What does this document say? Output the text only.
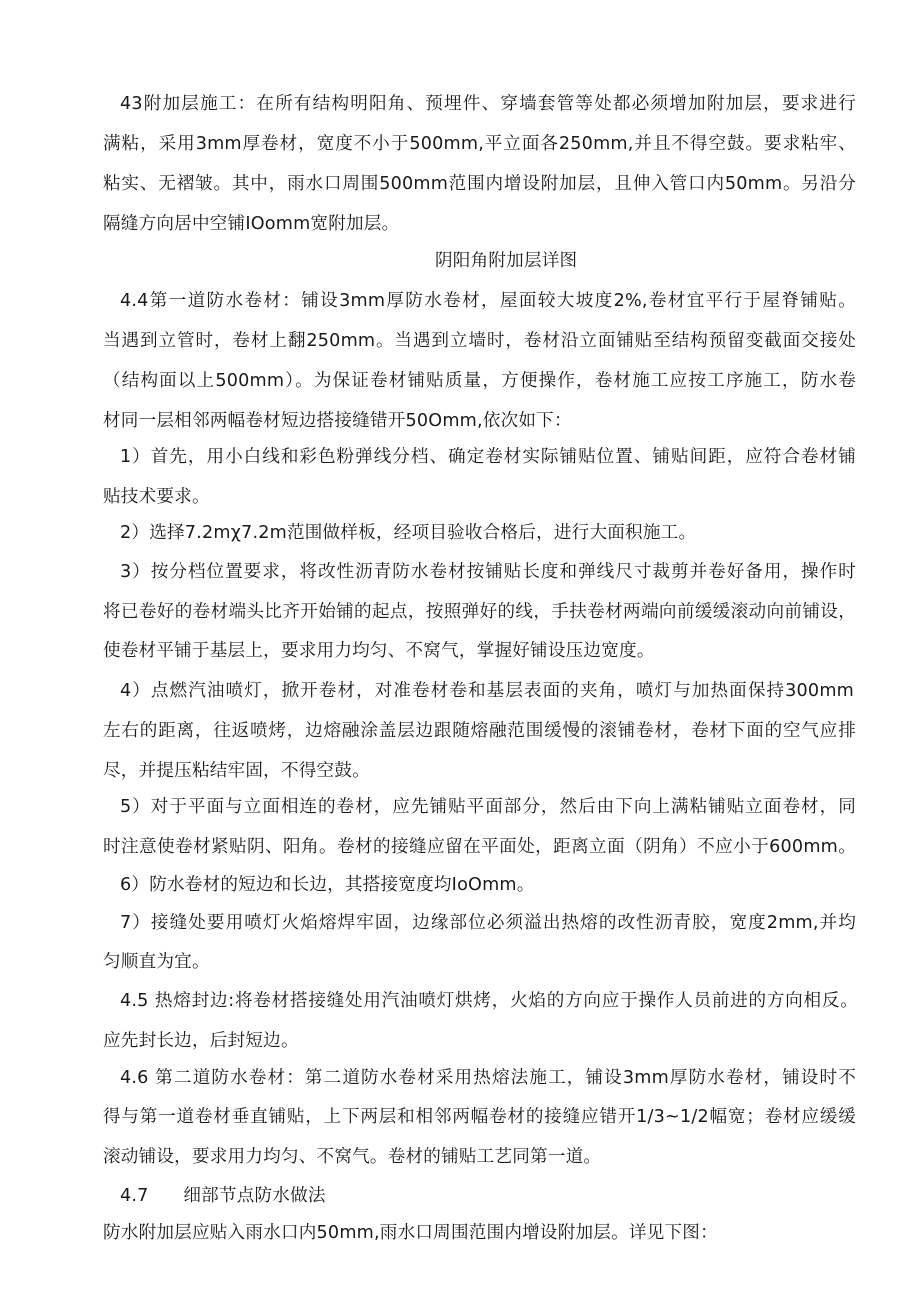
43附加层施工：在所有结构明阳角、预埋件、穿墙套管等处都必须增加附加层，要求进行
满粘，采用3mm厚卷材，宽度不小于500mm,平立面各250mm,并且不得空鼓。要求粘牢、
粘实、无褶皱。其中，雨水口周围500mm范围内增设附加层，且伸入管口内50mm。另沿分
隔缝方向居中空铺IOomm宽附加层。
阴阳角附加层详图
4.4第一道防水卷材：铺设3mm厚防水卷材，屋面较大坡度2%,卷材宜平行于屋脊铺贴。
当遇到立管时，卷材上翻250mm。当遇到立墙时，卷材沿立面铺贴至结构预留变截面交接处
（结构面以上500mm）。为保证卷材铺贴质量，方便操作，卷材施工应按工序施工，防水卷
材同一层相邻两幅卷材短边搭接缝错开50Omm,依次如下：
1）首先，用小白线和彩色粉弹线分档、确定卷材实际铺贴位置、铺贴间距，应符合卷材铺
贴技术要求。
2）选择7.2mχ7.2m范围做样板，经项目验收合格后，进行大面积施工。
3）按分档位置要求，将改性沥青防水卷材按铺贴长度和弹线尺寸裁剪并卷好备用，操作时
将已卷好的卷材端头比齐开始铺的起点，按照弹好的线，手扶卷材两端向前缓缓滚动向前铺设，
使卷材平铺于基层上，要求用力均匀、不窝气，掌握好铺设压边宽度。
4）点燃汽油喷灯，掀开卷材，对准卷材卷和基层表面的夹角，喷灯与加热面保持300mm
左右的距离，往返喷烤，边熔融涂盖层边跟随熔融范围缓慢的滚铺卷材，卷材下面的空气应排
尽，并提压粘结牢固，不得空鼓。
5）对于平面与立面相连的卷材，应先铺贴平面部分，然后由下向上满粘铺贴立面卷材，同
时注意使卷材紧贴阴、阳角。卷材的接缝应留在平面处，距离立面（阴角）不应小于600mm。
6）防水卷材的短边和长边，其搭接宽度均IoOmm。
7）接缝处要用喷灯火焰熔焊牢固，边缘部位必须溢出热熔的改性沥青胶，宽度2mm,并均
匀顺直为宜。
4.5 热熔封边:将卷材搭接缝处用汽油喷灯烘烤，火焰的方向应于操作人员前进的方向相反。
应先封长边，后封短边。
4.6 第二道防水卷材：第二道防水卷材采用热熔法施工，铺设3mm厚防水卷材，铺设时不
得与第一道卷材垂直铺贴，上下两层和相邻两幅卷材的接缝应错开1/3~1/2幅宽；卷材应缓缓
滚动铺设，要求用力均匀、不窝气。卷材的铺贴工艺同第一道。
4.7      细部节点防水做法
防水附加层应贴入雨水口内50mm,雨水口周围范围内增设附加层。详见下图：
